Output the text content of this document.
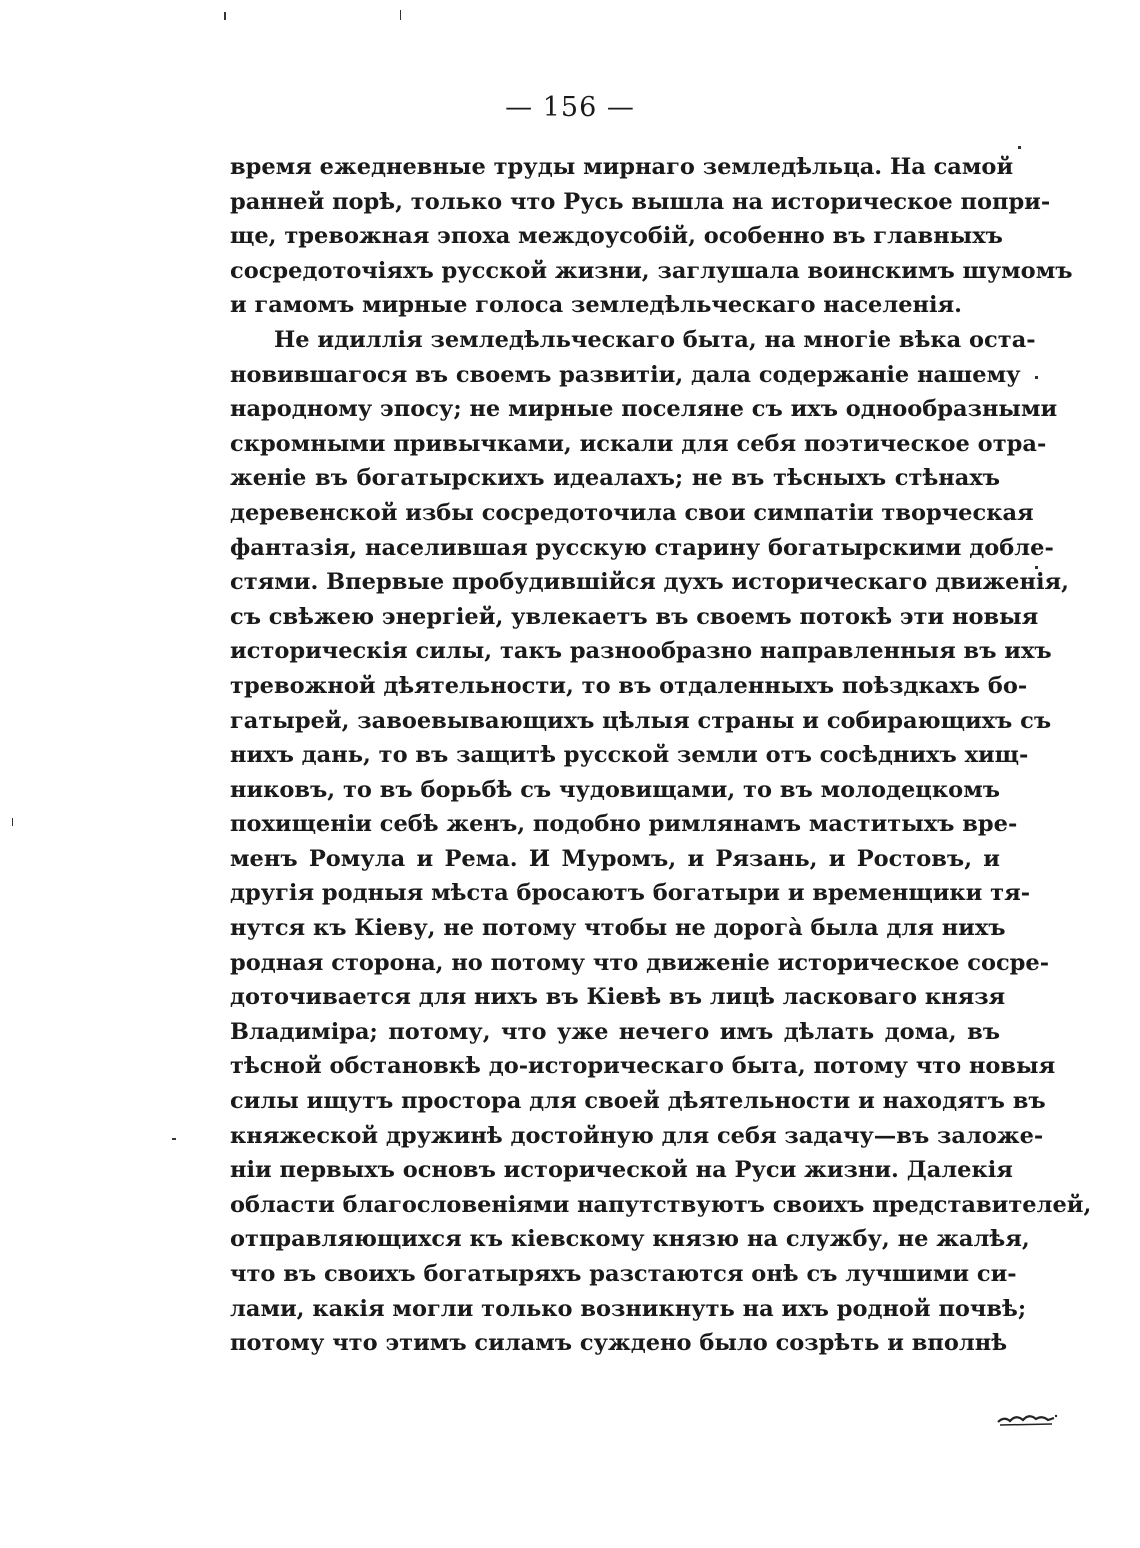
— 156 —
время ежедневные труды мирнаго земледѣльца. На самой
ранней порѣ, только что Русь вышла на историческое попри-
ще, тревожная эпоха междоусобій, особенно въ главныхъ
сосредоточіяхъ русской жизни, заглушала воинскимъ шумомъ
и гамомъ мирные голоса земледѣльческаго населенія.
Не идиллія земледѣльческаго быта, на многіе вѣка оста-
новившагося въ своемъ развитіи, дала содержаніе нашему
народному эпосу; не мирные поселяне съ ихъ однообразными
скромными привычками, искали для себя поэтическое отра-
женіе въ богатырскихъ идеалахъ; не въ тѣсныхъ стѣнахъ
деревенской избы сосредоточила свои симпатіи творческая
фантазія, населившая русскую старину богатырскими добле-
стями. Впервые пробудившійся духъ историческаго движенія,
съ свѣжею энергіей, увлекаетъ въ своемъ потокѣ эти новыя
историческія силы, такъ разнообразно направленныя въ ихъ
тревожной дѣятельности, то въ отдаленныхъ поѣздкахъ бо-
гатырей, завоевывающихъ цѣлыя страны и собирающихъ съ
нихъ дань, то въ защитѣ русской земли отъ сосѣднихъ хищ-
никовъ, то въ борьбѣ съ чудовищами, то въ молодецкомъ
похищеніи себѣ женъ, подобно римлянамъ маститыхъ вре-
менъ Ромула и Рема. И Муромъ, и Рязань, и Ростовъ, и
другія родныя мѣста бросаютъ богатыри и временщики тя-
нутся къ Кіеву, не потому чтобы не дорогà была для нихъ
родная сторона, но потому что движеніе историческое сосре-
доточивается для нихъ въ Кіевѣ въ лицѣ ласковаго князя
Владиміра; потому, что уже нечего имъ дѣлать дома, въ
тѣсной обстановкѣ до-историческаго быта, потому что новыя
силы ищутъ простора для своей дѣятельности и находятъ въ
княжеской дружинѣ достойную для себя задачу—въ заложе-
ніи первыхъ основъ исторической на Руси жизни. Далекія
области благословеніями напутствуютъ своихъ представителей,
отправляющихся къ кіевскому князю на службу, не жалѣя,
что въ своихъ богатыряхъ разстаются онѣ съ лучшими си-
лами, какія могли только возникнуть на ихъ родной почвѣ;
потому что этимъ силамъ суждено было созрѣть и вполнѣ
